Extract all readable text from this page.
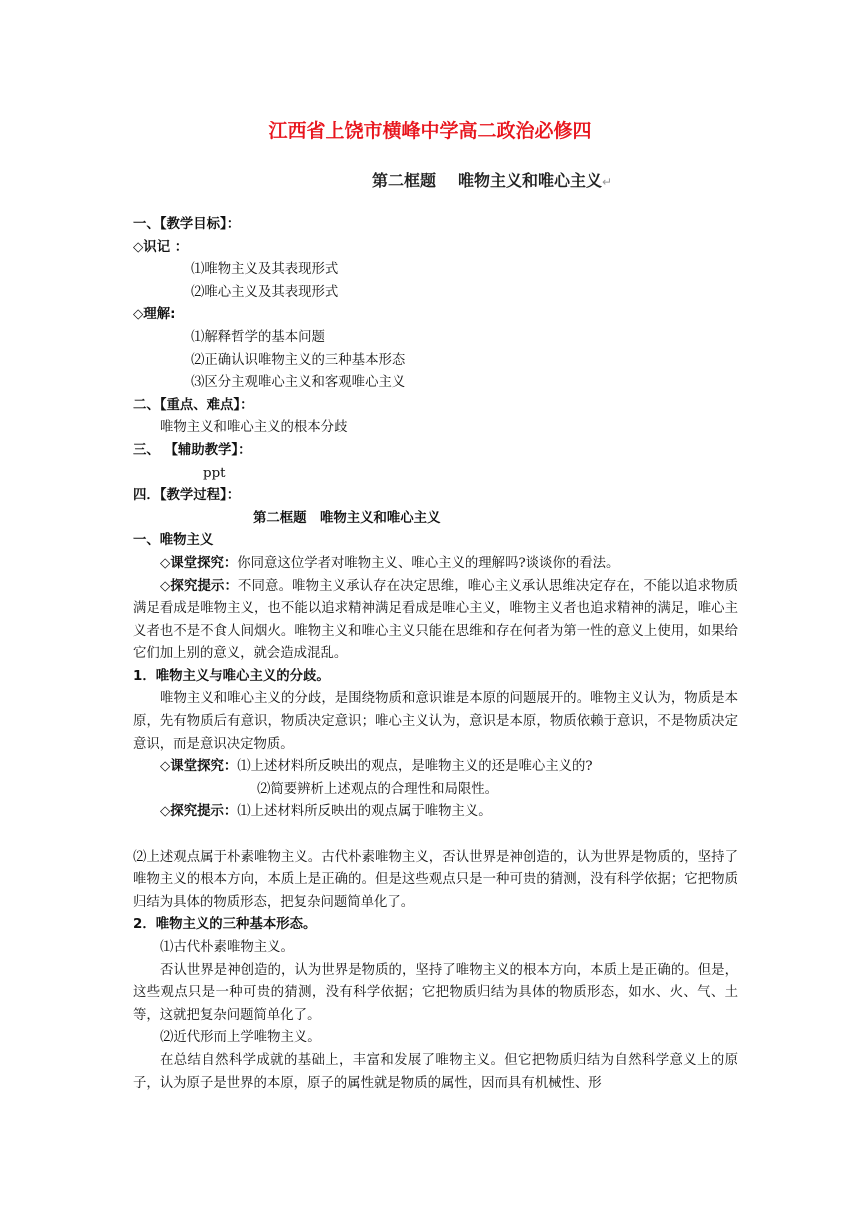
江西省上饶市横峰中学高二政治必修四
第二框题 唯物主义和唯心主义↵

一、【教学目标】：

◇识记 ：

⑴唯物主义及其表现形式

⑵唯心主义及其表现形式

◇理解:

⑴解释哲学的基本问题

⑵正确认识唯物主义的三种基本形态

⑶区分主观唯心主义和客观唯心主义

二、【重点、难点】：

唯物主义和唯心主义的根本分歧

三、 【辅助教学】：

ppt

四．【教学过程】：

第二框题　唯物主义和唯心主义

一、唯物主义

◇课堂探究：你同意这位学者对唯物主义、唯心主义的理解吗?谈谈你的看法。

◇探究提示：不同意。唯物主义承认存在决定思维，唯心主义承认思维决定存在，不能以追求物质满足看成是唯物主义，也不能以追求精神满足看成是唯心主义，唯物主义者也追求精神的满足，唯心主义者也不是不食人间烟火。唯物主义和唯心主义只能在思维和存在何者为第一性的意义上使用，如果给它们加上别的意义，就会造成混乱。

1．唯物主义与唯心主义的分歧。

唯物主义和唯心主义的分歧，是围绕物质和意识谁是本原的问题展开的。唯物主义认为，物质是本原，先有物质后有意识，物质决定意识；唯心主义认为，意识是本原，物质依赖于意识，不是物质决定意识，而是意识决定物质。

◇课堂探究：⑴上述材料所反映出的观点，是唯物主义的还是唯心主义的?

⑵简要辨析上述观点的合理性和局限性。

◇探究提示：⑴上述材料所反映出的观点属于唯物主义。

⑵上述观点属于朴素唯物主义。古代朴素唯物主义，否认世界是神创造的，认为世界是物质的，坚持了唯物主义的根本方向，本质上是正确的。但是这些观点只是一种可贵的猜测，没有科学依据；它把物质归结为具体的物质形态，把复杂问题简单化了。

2．唯物主义的三种基本形态。

⑴古代朴素唯物主义。

否认世界是神创造的，认为世界是物质的，坚持了唯物主义的根本方向，本质上是正确的。但是，这些观点只是一种可贵的猜测，没有科学依据；它把物质归结为具体的物质形态，如水、火、气、土等，这就把复杂问题简单化了。

⑵近代形而上学唯物主义。

在总结自然科学成就的基础上，丰富和发展了唯物主义。但它把物质归结为自然科学意义上的原子，认为原子是世界的本原，原子的属性就是物质的属性，因而具有机械性、形
